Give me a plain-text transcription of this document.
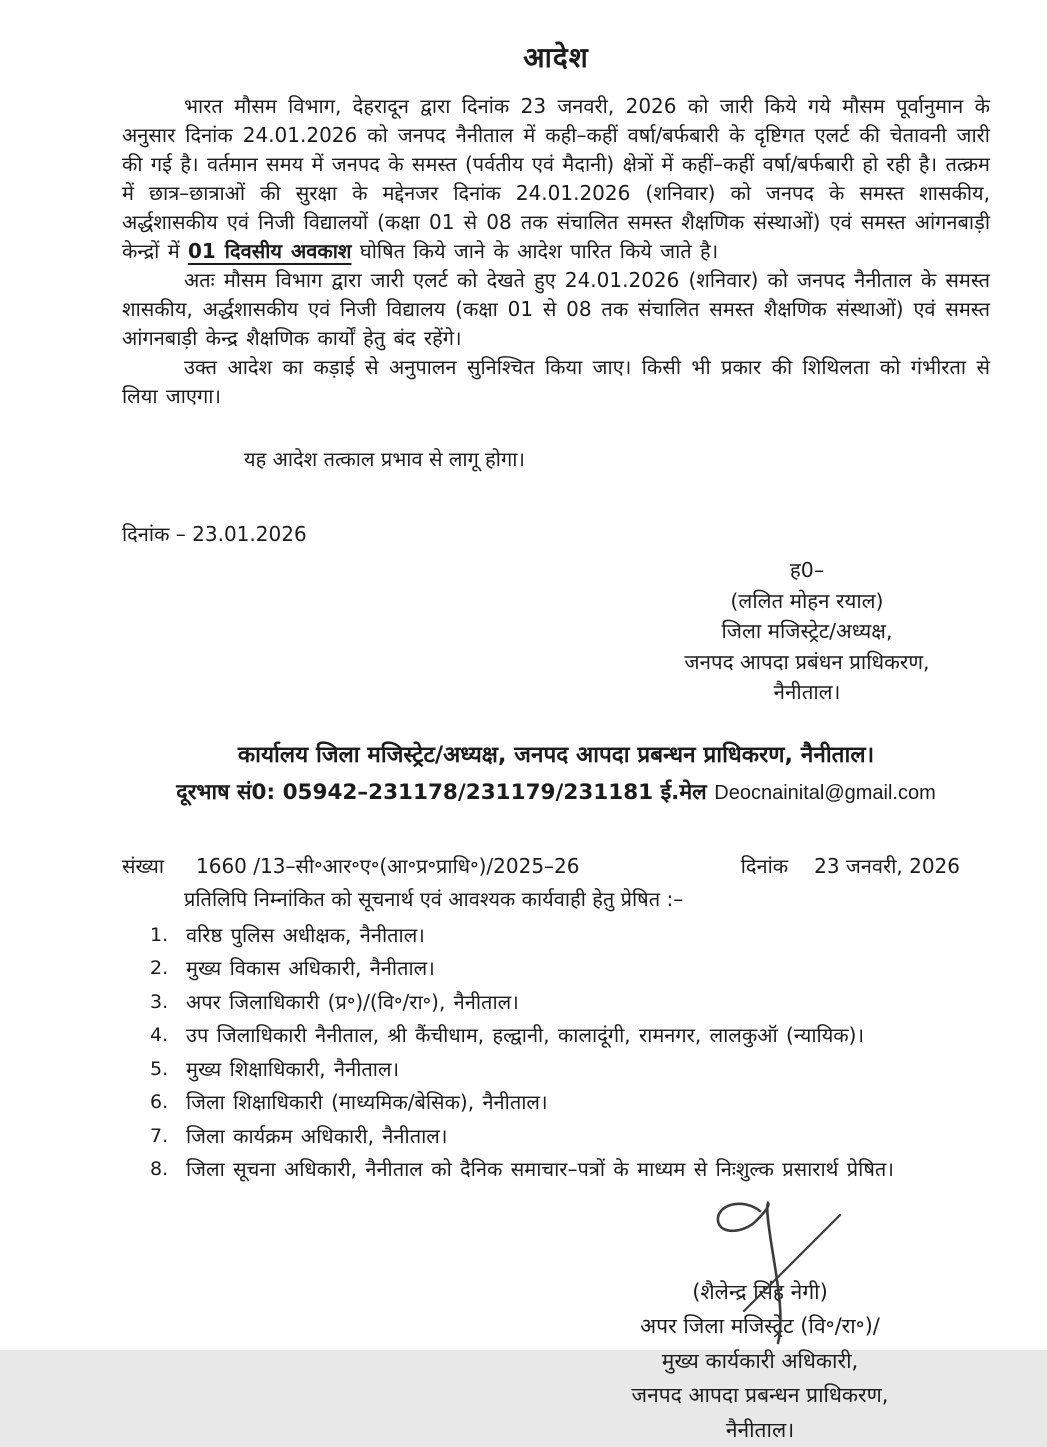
आदेश

भारत मौसम विभाग, देहरादून द्वारा दिनांक 23 जनवरी, 2026 को जारी किये गये मौसम पूर्वानुमान के अनुसार दिनांक 24.01.2026 को जनपद नैनीताल में कही–कहीं वर्षा/बर्फबारी के दृष्टिगत एलर्ट की चेतावनी जारी की गई है। वर्तमान समय में जनपद के समस्त (पर्वतीय एवं मैदानी) क्षेत्रों में कहीं–कहीं वर्षा/बर्फबारी हो रही है। तत्क्रम में छात्र–छात्राओं की सुरक्षा के मद्देनजर दिनांक 24.01.2026 (शनिवार) को जनपद के समस्त शासकीय, अर्द्धशासकीय एवं निजी विद्यालयों (कक्षा 01 से 08 तक संचालित समस्त शैक्षणिक संस्थाओं) एवं समस्त आंगनबाड़ी केन्द्रों में 01 दिवसीय अवकाश घोषित किये जाने के आदेश पारित किये जाते है।

अतः मौसम विभाग द्वारा जारी एलर्ट को देखते हुए 24.01.2026 (शनिवार) को जनपद नैनीताल के समस्त शासकीय, अर्द्धशासकीय एवं निजी विद्यालय (कक्षा 01 से 08 तक संचालित समस्त शैक्षणिक संस्थाओं) एवं समस्त आंगनबाड़ी केन्द्र शैक्षणिक कार्यों हेतु बंद रहेंगे।

उक्त आदेश का कड़ाई से अनुपालन सुनिश्चित किया जाए। किसी भी प्रकार की शिथिलता को गंभीरता से लिया जाएगा।

यह आदेश तत्काल प्रभाव से लागू होगा।

दिनांक – 23.01.2026

ह0–
(ललित मोहन रयाल)
जिला मजिस्ट्रेट/अध्यक्ष,
जनपद आपदा प्रबंधन प्राधिकरण,
नैनीताल।
कार्यालय जिला मजिस्ट्रेट/अध्यक्ष, जनपद आपदा प्रबन्धन प्राधिकरण, नैनीताल।
दूरभाष सं0: 05942–231178/231179/231181 ई.मेल Deocnainital@gmail.com
संख्या 1660 /13–सी॰आर॰ए॰(आ॰प्र॰प्राधि॰)/2025–26	दिनांक 23 जनवरी, 2026

प्रतिलिपि निम्नांकित को सूचनार्थ एवं आवश्यक कार्यवाही हेतु प्रेषित :–

1. वरिष्ठ पुलिस अधीक्षक, नैनीताल।
2. मुख्य विकास अधिकारी, नैनीताल।
3. अपर जिलाधिकारी (प्र॰)/(वि॰/रा॰), नैनीताल।
4. उप जिलाधिकारी नैनीताल, श्री कैंचीधाम, हल्द्वानी, कालादूंगी, रामनगर, लालकुऑ (न्यायिक)।
5. मुख्य शिक्षाधिकारी, नैनीताल।
6. जिला शिक्षाधिकारी (माध्यमिक/बेसिक), नैनीताल।
7. जिला कार्यक्रम अधिकारी, नैनीताल।
8. जिला सूचना अधिकारी, नैनीताल को दैनिक समाचार–पत्रों के माध्यम से निःशुल्क प्रसारार्थ प्रेषित।
(शैलेन्द्र सिंह नेगी)
अपर जिला मजिस्ट्रेट (वि॰/रा॰)/
मुख्य कार्यकारी अधिकारी,
जनपद आपदा प्रबन्धन प्राधिकरण,
नैनीताल।
